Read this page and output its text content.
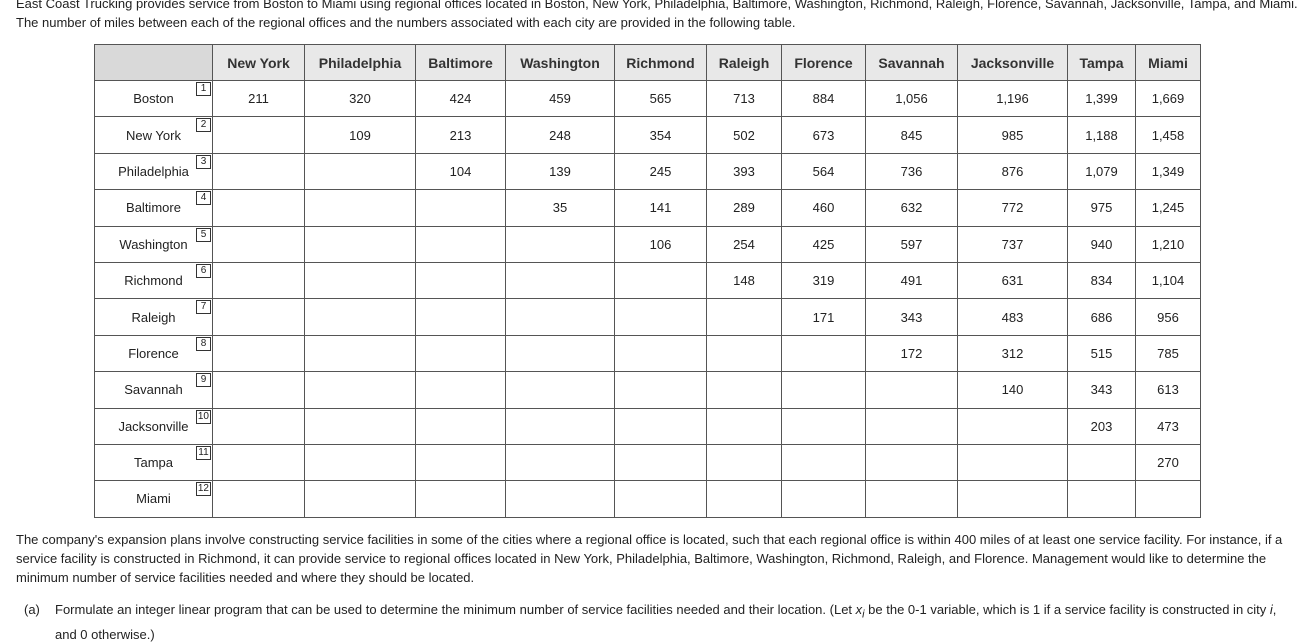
East Coast Trucking provides service from Boston to Miami using regional offices located in Boston, New York, Philadelphia, Baltimore, Washington, Richmond, Raleigh, Florence, Savannah, Jacksonville, Tampa, and Miami. The number of miles between each of the regional offices and the numbers associated with each city are provided in the following table.
	New York	Philadelphia	Baltimore	Washington	Richmond	Raleigh	Florence	Savannah	Jacksonville	Tampa	Miami
Boston
1	211	320	424	459	565	713	884	1,056	1,196	1,399	1,669
New York
2		109	213	248	354	502	673	845	985	1,188	1,458
Philadelphia
3			104	139	245	393	564	736	876	1,079	1,349
Baltimore
4				35	141	289	460	632	772	975	1,245
Washington
5					106	254	425	597	737	940	1,210
Richmond
6						148	319	491	631	834	1,104
Raleigh
7							171	343	483	686	956
Florence
8								172	312	515	785
Savannah
9									140	343	613
Jacksonville
10										203	473
Tampa
11											270
Miami
12											

The company's expansion plans involve constructing service facilities in some of the cities where a regional office is located, such that each regional office is within 400 miles of at least one service facility. For instance, if a service facility is constructed in Richmond, it can provide service to regional offices located in New York, Philadelphia, Baltimore, Washington, Richmond, Raleigh, and Florence. Management would like to determine the minimum number of service facilities needed and where they should be located.
(a) Formulate an integer linear program that can be used to determine the minimum number of service facilities needed and their location. (Let $x_i$ be the 0-1 variable, which is 1 if a service facility is constructed in city i, and 0 otherwise.)
